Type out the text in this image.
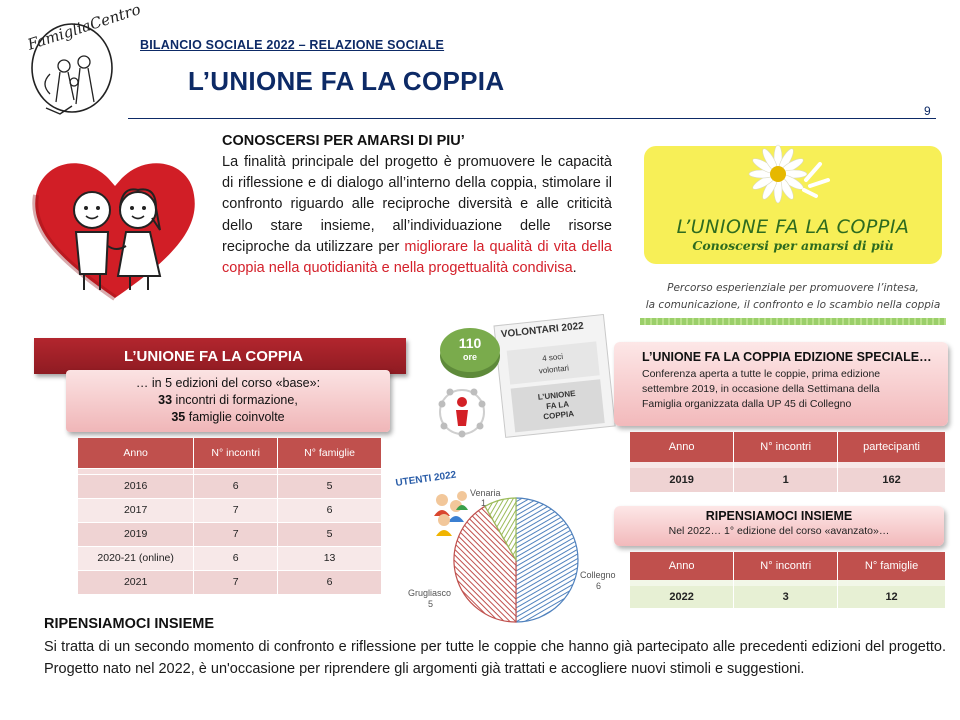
FamigliaCentro
BILANCIO SOCIALE 2022 – RELAZIONE SOCIALE
L’UNIONE FA LA COPPIA
9
CONOSCERSI PER AMARSI DI PIU’
La finalità principale del progetto è promuovere le capacità di riflessione e di dialogo all’interno della coppia, stimolare il confronto riguardo alle reciproche diversità e alle criticità dello stare insieme, all’individuazione delle risorse reciproche da utilizzare per migliorare la qualità di vita della coppia nella quotidianità e nella progettualità condivisa.
L’UNIONE FA LA COPPIA
Conoscersi per amarsi di più
Percorso esperienziale per promuovere l’intesa,
la comunicazione, il confronto e lo scambio nella coppia
L’UNIONE FA LA COPPIA
… in 5 edizioni del corso «base»:
33 incontri di formazione,
35 famiglie coinvolte
Anno	N° incontri	N° famiglie

2016	6	5
2017	7	6
2019	7	5
2020-21 (online)	6	13
2021	7	6
VOLONTARI 2022
4 soci
volontari
L’UNIONE
FA LA
COPPIA
110
ore
UTENTI 2022
Venaria
1
Collegno
6
Grugliasco
5
L’UNIONE FA LA COPPIA EDIZIONE SPECIALE…
Conferenza aperta a tutte le coppie, prima edizione
settembre 2019, in occasione della Settimana della
Famiglia organizzata dalla UP 45 di Collegno
Anno	N° incontri	partecipanti

2019	1	162
RIPENSIAMOCI INSIEME
Nel 2022… 1° edizione del corso «avanzato»…
Anno	N° incontri	N° famiglie

2022	3	12
RIPENSIAMOCI INSIEME
Si tratta di un secondo momento di confronto e riflessione per tutte le coppie che hanno già partecipato alle precedenti edizioni del progetto. Progetto nato nel 2022, è un'occasione per riprendere gli argomenti già trattati e accogliere nuovi stimoli e suggestioni.
